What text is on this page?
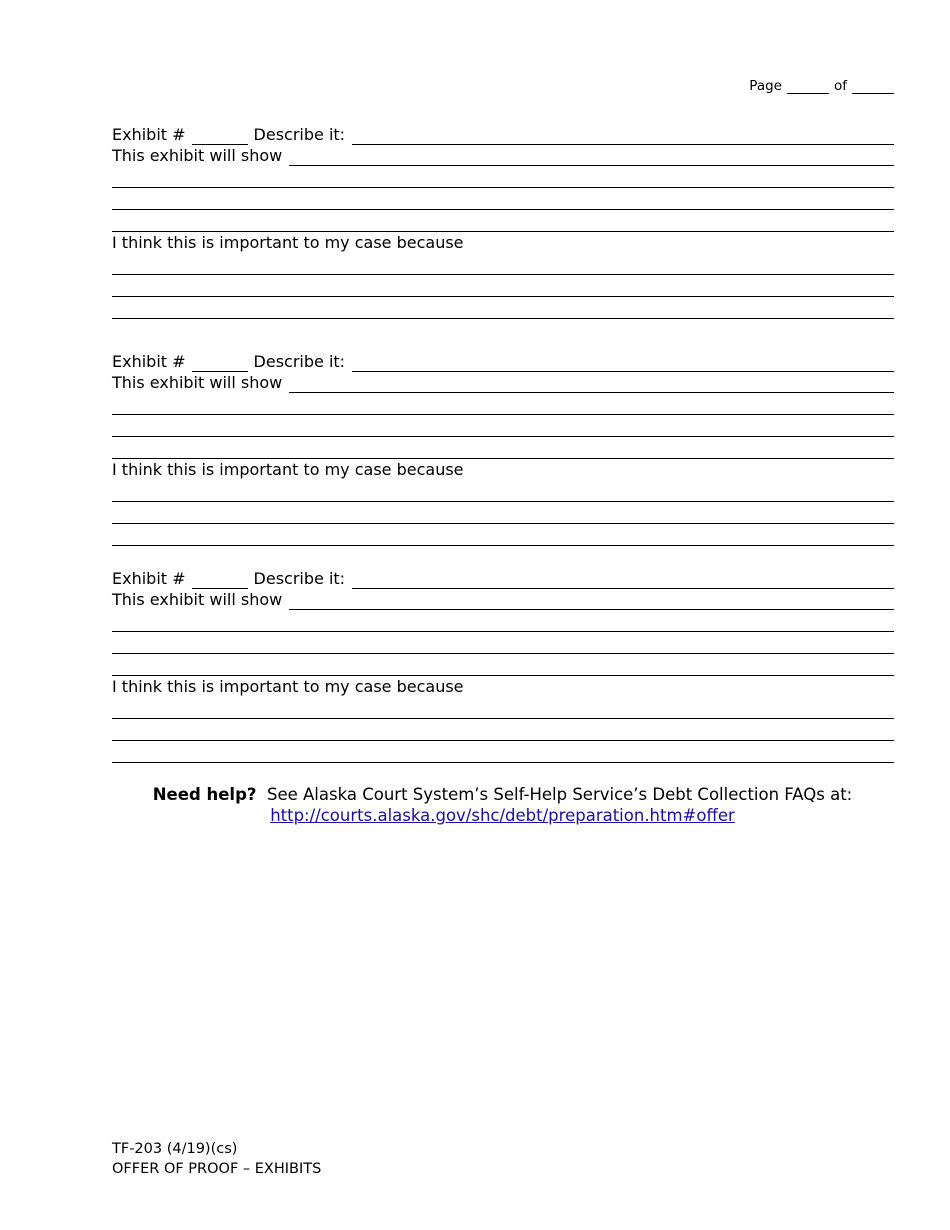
Page	of
Exhibit #	Describe it:
This exhibit will show
I think this is important to my case because
Exhibit #	Describe it:
This exhibit will show
I think this is important to my case because
Exhibit #	Describe it:
This exhibit will show
I think this is important to my case because
Need help? See Alaska Court System’s Self-Help Service’s Debt Collection FAQs at:
http://courts.alaska.gov/shc/debt/preparation.htm#offer
TF-203 (4/19)(cs)
OFFER OF PROOF – EXHIBITS
